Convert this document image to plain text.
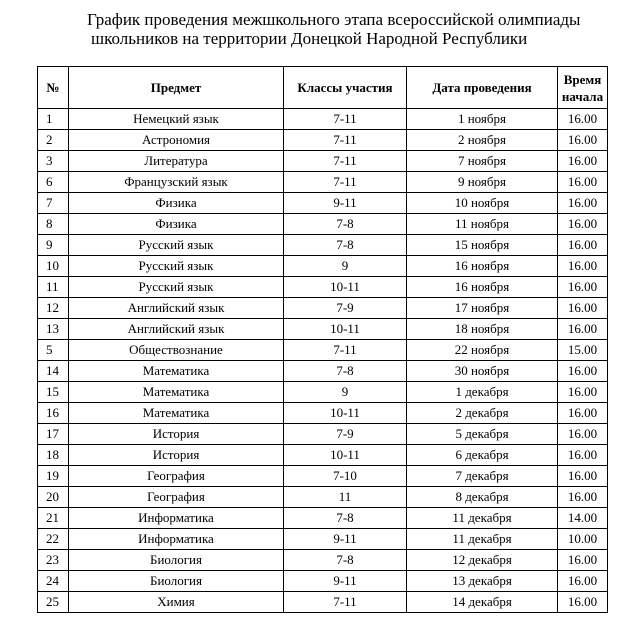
График проведения межшкольного этапа всероссийской олимпиады
школьников на территории Донецкой Народной Республики
№	Предмет	Классы участия	Дата проведения	Время начала
1	Немецкий язык	7-11	1 ноября	16.00
2	Астрономия	7-11	2 ноября	16.00
3	Литература	7-11	7 ноября	16.00
6	Французский язык	7-11	9 ноября	16.00
7	Физика	9-11	10 ноября	16.00
8	Физика	7-8	11 ноября	16.00
9	Русский язык	7-8	15 ноября	16.00
10	Русский язык	9	16 ноября	16.00
11	Русский язык	10-11	16 ноября	16.00
12	Английский язык	7-9	17 ноября	16.00
13	Английский язык	10-11	18 ноября	16.00
5	Обществознание	7-11	22 ноября	15.00
14	Математика	7-8	30 ноября	16.00
15	Математика	9	1 декабря	16.00
16	Математика	10-11	2 декабря	16.00
17	История	7-9	5 декабря	16.00
18	История	10-11	6 декабря	16.00
19	География	7-10	7 декабря	16.00
20	География	11	8 декабря	16.00
21	Информатика	7-8	11 декабря	14.00
22	Информатика	9-11	11 декабря	10.00
23	Биология	7-8	12 декабря	16.00
24	Биология	9-11	13 декабря	16.00
25	Химия	7-11	14 декабря	16.00
